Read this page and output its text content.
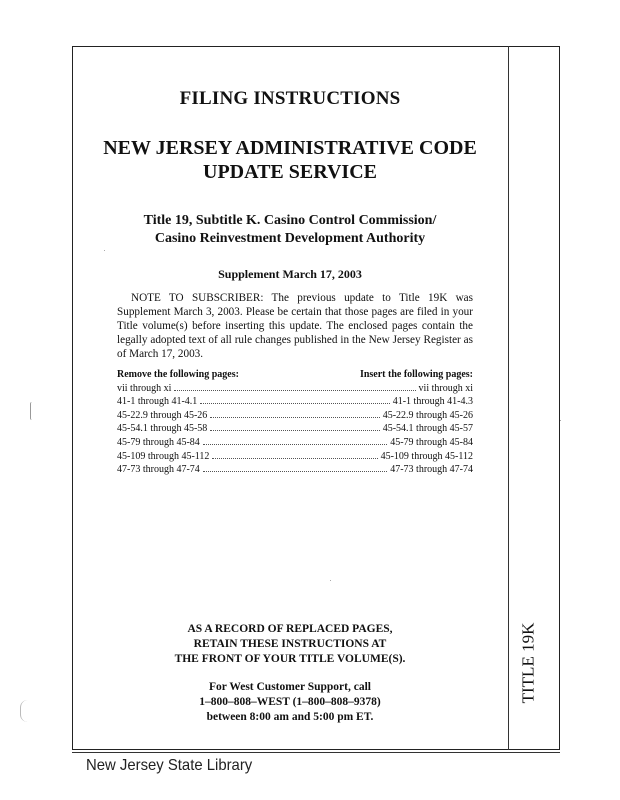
FILING INSTRUCTIONS
NEW JERSEY ADMINISTRATIVE CODE
UPDATE SERVICE
Title 19, Subtitle K. Casino Control Commission/
Casino Reinvestment Development Authority
Supplement March 17, 2003
NOTE TO SUBSCRIBER: The previous update to Title 19K was Supplement March 3, 2003. Please be certain that those pages are filed in your Title volume(s) before inserting this update. The enclosed pages contain the legally adopted text of all rule changes published in the New Jersey Register as of March 17, 2003.
Remove the following pages:	Insert the following pages:
vii through xi	vii through xi
41-1 through 41-4.1	41-1 through 41-4.3
45-22.9 through 45-26	45-22.9 through 45-26
45-54.1 through 45-58	45-54.1 through 45-57
45-79 through 45-84	45-79 through 45-84
45-109 through 45-112	45-109 through 45-112
47-73 through 47-74	47-73 through 47-74
AS A RECORD OF REPLACED PAGES,
RETAIN THESE INSTRUCTIONS AT
THE FRONT OF YOUR TITLE VOLUME(S).
For West Customer Support, call
1–800–808–WEST (1–800–808–9378)
between 8:00 am and 5:00 pm ET.
TITLE 19K
New Jersey State Library
